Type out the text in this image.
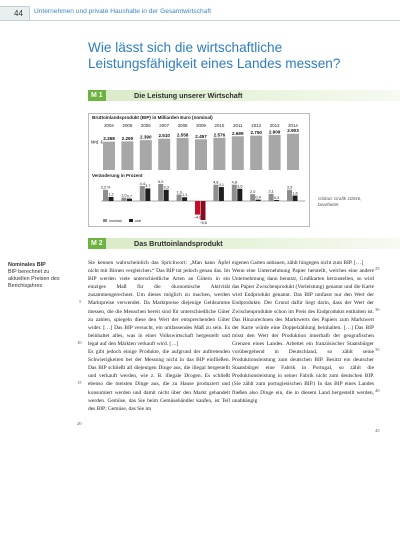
44	Unternehmen und private Haushalte in der Gesamtwirtschaft
Wie lässt sich die wirtschaftliche
Leistungsfähigkeit eines Landes messen?
M 1	Die Leistung unserer Wirtschaft
Bruttoinlandsprodukt (BIP) in Milliarden Euro (nominal)
Veränderung in Prozent
2004
2.268
2005
2.290
2006
2.390
2007
2.510
2008
2.558
2009
2.457
2010
2.576
2011
2.699
2012
2.750
2013
2.809
2014
2.903
Mrd. €
3,3 %
1,2 1,0 0,7
4,4
3,7
5,0
3,3
1,9
1,1
−4,0
−5,6
4,8
4,1
4,8
3,6
2,0
0,4
2,1
0,3
3,3
1,6
nominal	real
Globus Grafik 10046,
bearbeitet
M 2	Das Bruttoinlandsprodukt
Nominales BIP
BIP berechnet zu aktuellen Preisen des Berichtsjahres

Sie kennen wahrscheinlich das Sprichwort: „Man kann Äpfel nicht mit Birnen vergleichen.“ Das BIP tut jedoch genau das. Im BIP werden viele unterschiedliche Arten an Gütern in ein einziges Maß für die ökonomische Aktivität zusammengerechnet. Um dieses möglich zu machen, werden Marktpreise verwendet. Da Marktpreise diejenige Geldsumme messen, die die Menschen bereit sind für unterschiedliche Güter zu zahlen, spiegeln diese den Wert der entsprechenden Güter wider. […] Das BIP versucht, ein umfassendes Maß zu sein. Es beinhaltet alles, was in einer Volkswirtschaft hergestellt und legal auf den Märkten verkauft wird. […]

Es gibt jedoch einige Produkte, die aufgrund der auftretenden Schwierigkeiten bei der Messung nicht in das BIP einfließen. Das BIP schließt all diejenigen Dinge aus, die illegal hergestellt und verkauft werden, wie z. B. illegale Drogen. Es schließt ebenso die meisten Dinge aus, die zu Hause produziert und konsumiert werden und damit nicht über den Markt gehandelt werden. Gemüse, das Sie beim Gemüsehändler kaufen, ist Teil des BIP; Gemüse, das Sie im

eigenen Garten anbauen, zählt hingegen nicht zum BIP. […]

Wenn eine Unternehmung Papier herstellt, welches eine andere Unternehmung dann benutzt, Grußkarten herzustellen, so wird das Papier Zwischenprodukt (Vorleistung) genannt und die Karte wird Endprodukt genannt. Das BIP umfasst nur den Wert der Endprodukte. Der Grund dafür liegt darin, dass der Wert der Zwischenprodukte schon im Preis des Endprodukts enthalten ist. Das Hinzurechnen des Marktwerts des Papiers zum Marktwert der Karte würde eine Doppelzählung beinhalten. […] Das BIP misst den Wert der Produktion innerhalb der geografischen Grenzen eines Landes. Arbeitet ein französischer Staatsbürger vorübergehend in Deutschland, so zählt seine Produktionsleistung zum deutschen BIP. Besitzt ein deutscher Staatsbürger eine Fabrik in Portugal, so zählt die Produktionsleistung in seiner Fabrik nicht zum deutschen BIP. (Sie zählt zum portugiesischen BIP.) In das BIP eines Landes fließen also Dinge ein, die in diesem Land hergestellt werden, unabhängig

5
10
15
20
25
30
35
40
45
